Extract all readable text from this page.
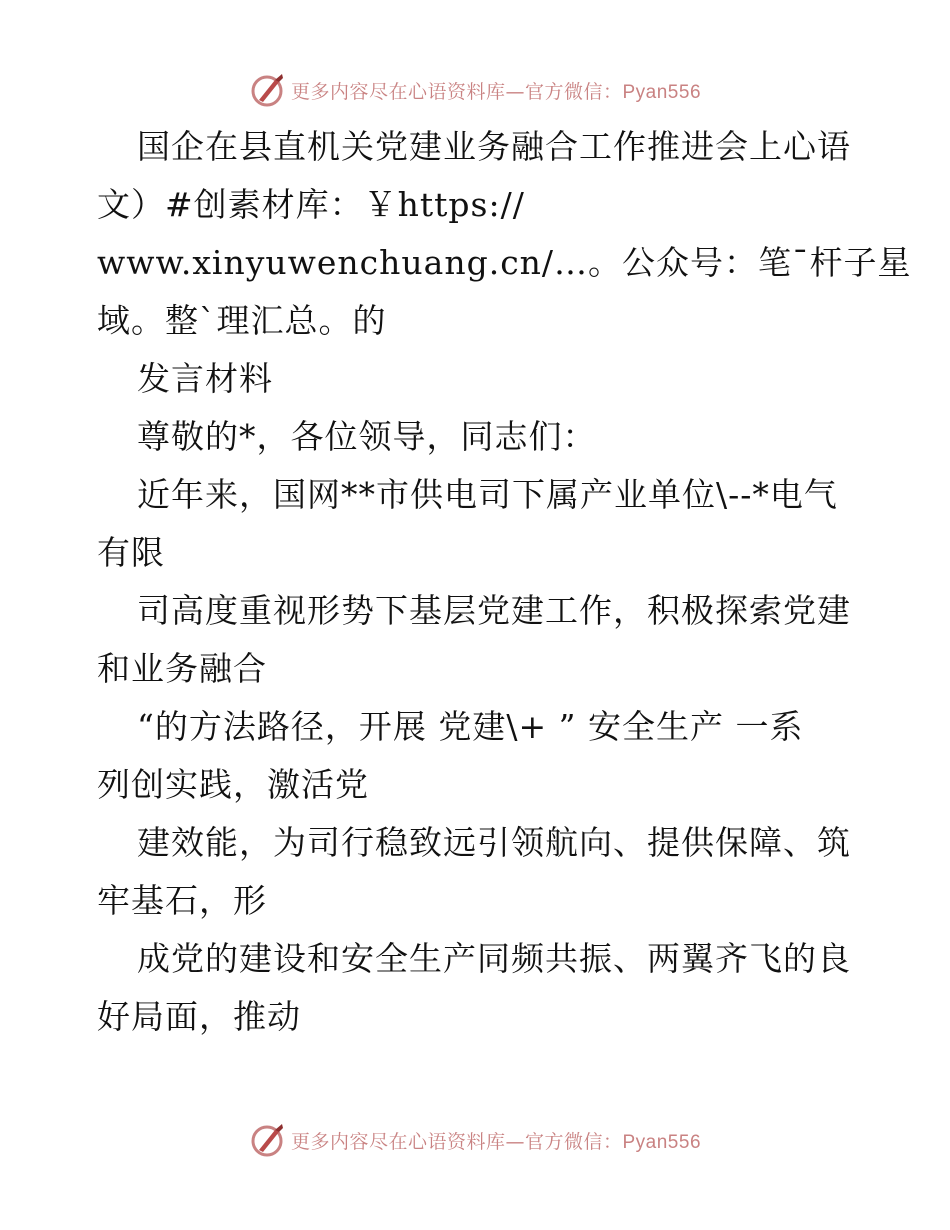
更多内容尽在心语资料库—官方微信：Pyan556
国企在县直机关党建业务融合工作推进会上心语
文）#创素材库：￥https://
www.xinyuwenchuang.cn/…。公众号：笔¯杆子星
域。整`理汇总。的
发言材料
尊敬的*，各位领导，同志们：
近年来，国网**市供电司下属产业单位\--*电气
有限
司高度重视形势下基层党建工作，积极探索党建
和业务融合
“的方法路径，开展 党建\+ ” 安全生产 一系
列创实践，激活党
建效能，为司行稳致远引领航向、提供保障、筑
牢基石，形
成党的建设和安全生产同频共振、两翼齐飞的良
好局面，推动
更多内容尽在心语资料库—官方微信：Pyan556
